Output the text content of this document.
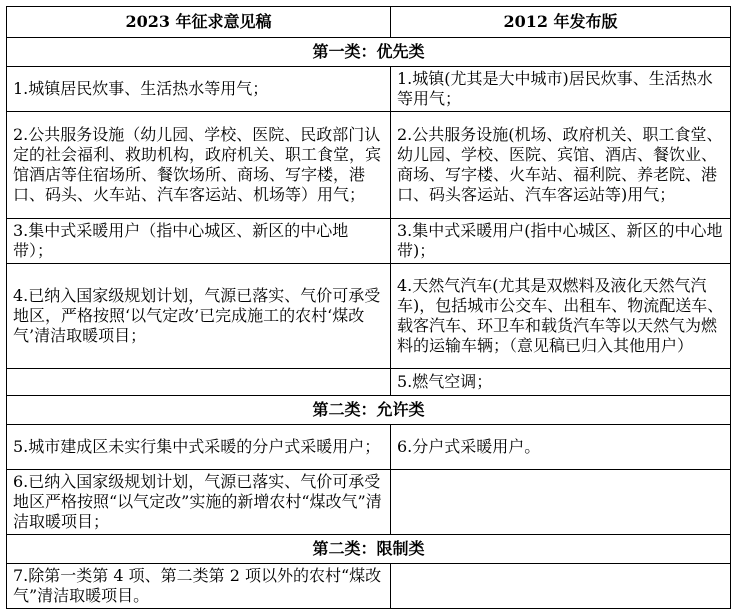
2023 年征求意见稿	2012 年发布版
第一类：优先类	
1.城镇居民炊事、生活热水等用气；	1.城镇(尤其是大中城市)居民炊事、生活热水等用气；
2.公共服务设施（幼儿园、学校、医院、民政部门认定的社会福利、救助机构，政府机关、职工食堂，宾馆酒店等住宿场所、餐饮场所、商场、写字楼，港口、码头、火车站、汽车客运站、机场等）用气；	2.公共服务设施(机场、政府机关、职工食堂、幼儿园、学校、医院、宾馆、酒店、餐饮业、商场、写字楼、火车站、福利院、养老院、港口、码头客运站、汽车客运站等)用气；
3.集中式采暖用户（指中心城区、新区的中心地带）；	3.集中式采暖用户(指中心城区、新区的中心地带)；
4.已纳入国家级规划计划，气源已落实、气价可承受地区，严格按照‘以气定改’已完成施工的农村‘煤改气’清洁取暖项目；	4.天然气汽车(尤其是双燃料及液化天然气汽车)，包括城市公交车、出租车、物流配送车、载客汽车、环卫车和载货汽车等以天然气为燃料的运输车辆；（意见稿已归入其他用户）
	5.燃气空调；
第二类：允许类	
5.城市建成区未实行集中式采暖的分户式采暖用户；	6.分户式采暖用户。
6.已纳入国家级规划计划，气源已落实、气价可承受地区严格按照“以气定改”实施的新增农村“煤改气”清洁取暖项目；	
第二类：限制类	
7.除第一类第 4 项、第二类第 2 项以外的农村“煤改气”清洁取暖项目。	
